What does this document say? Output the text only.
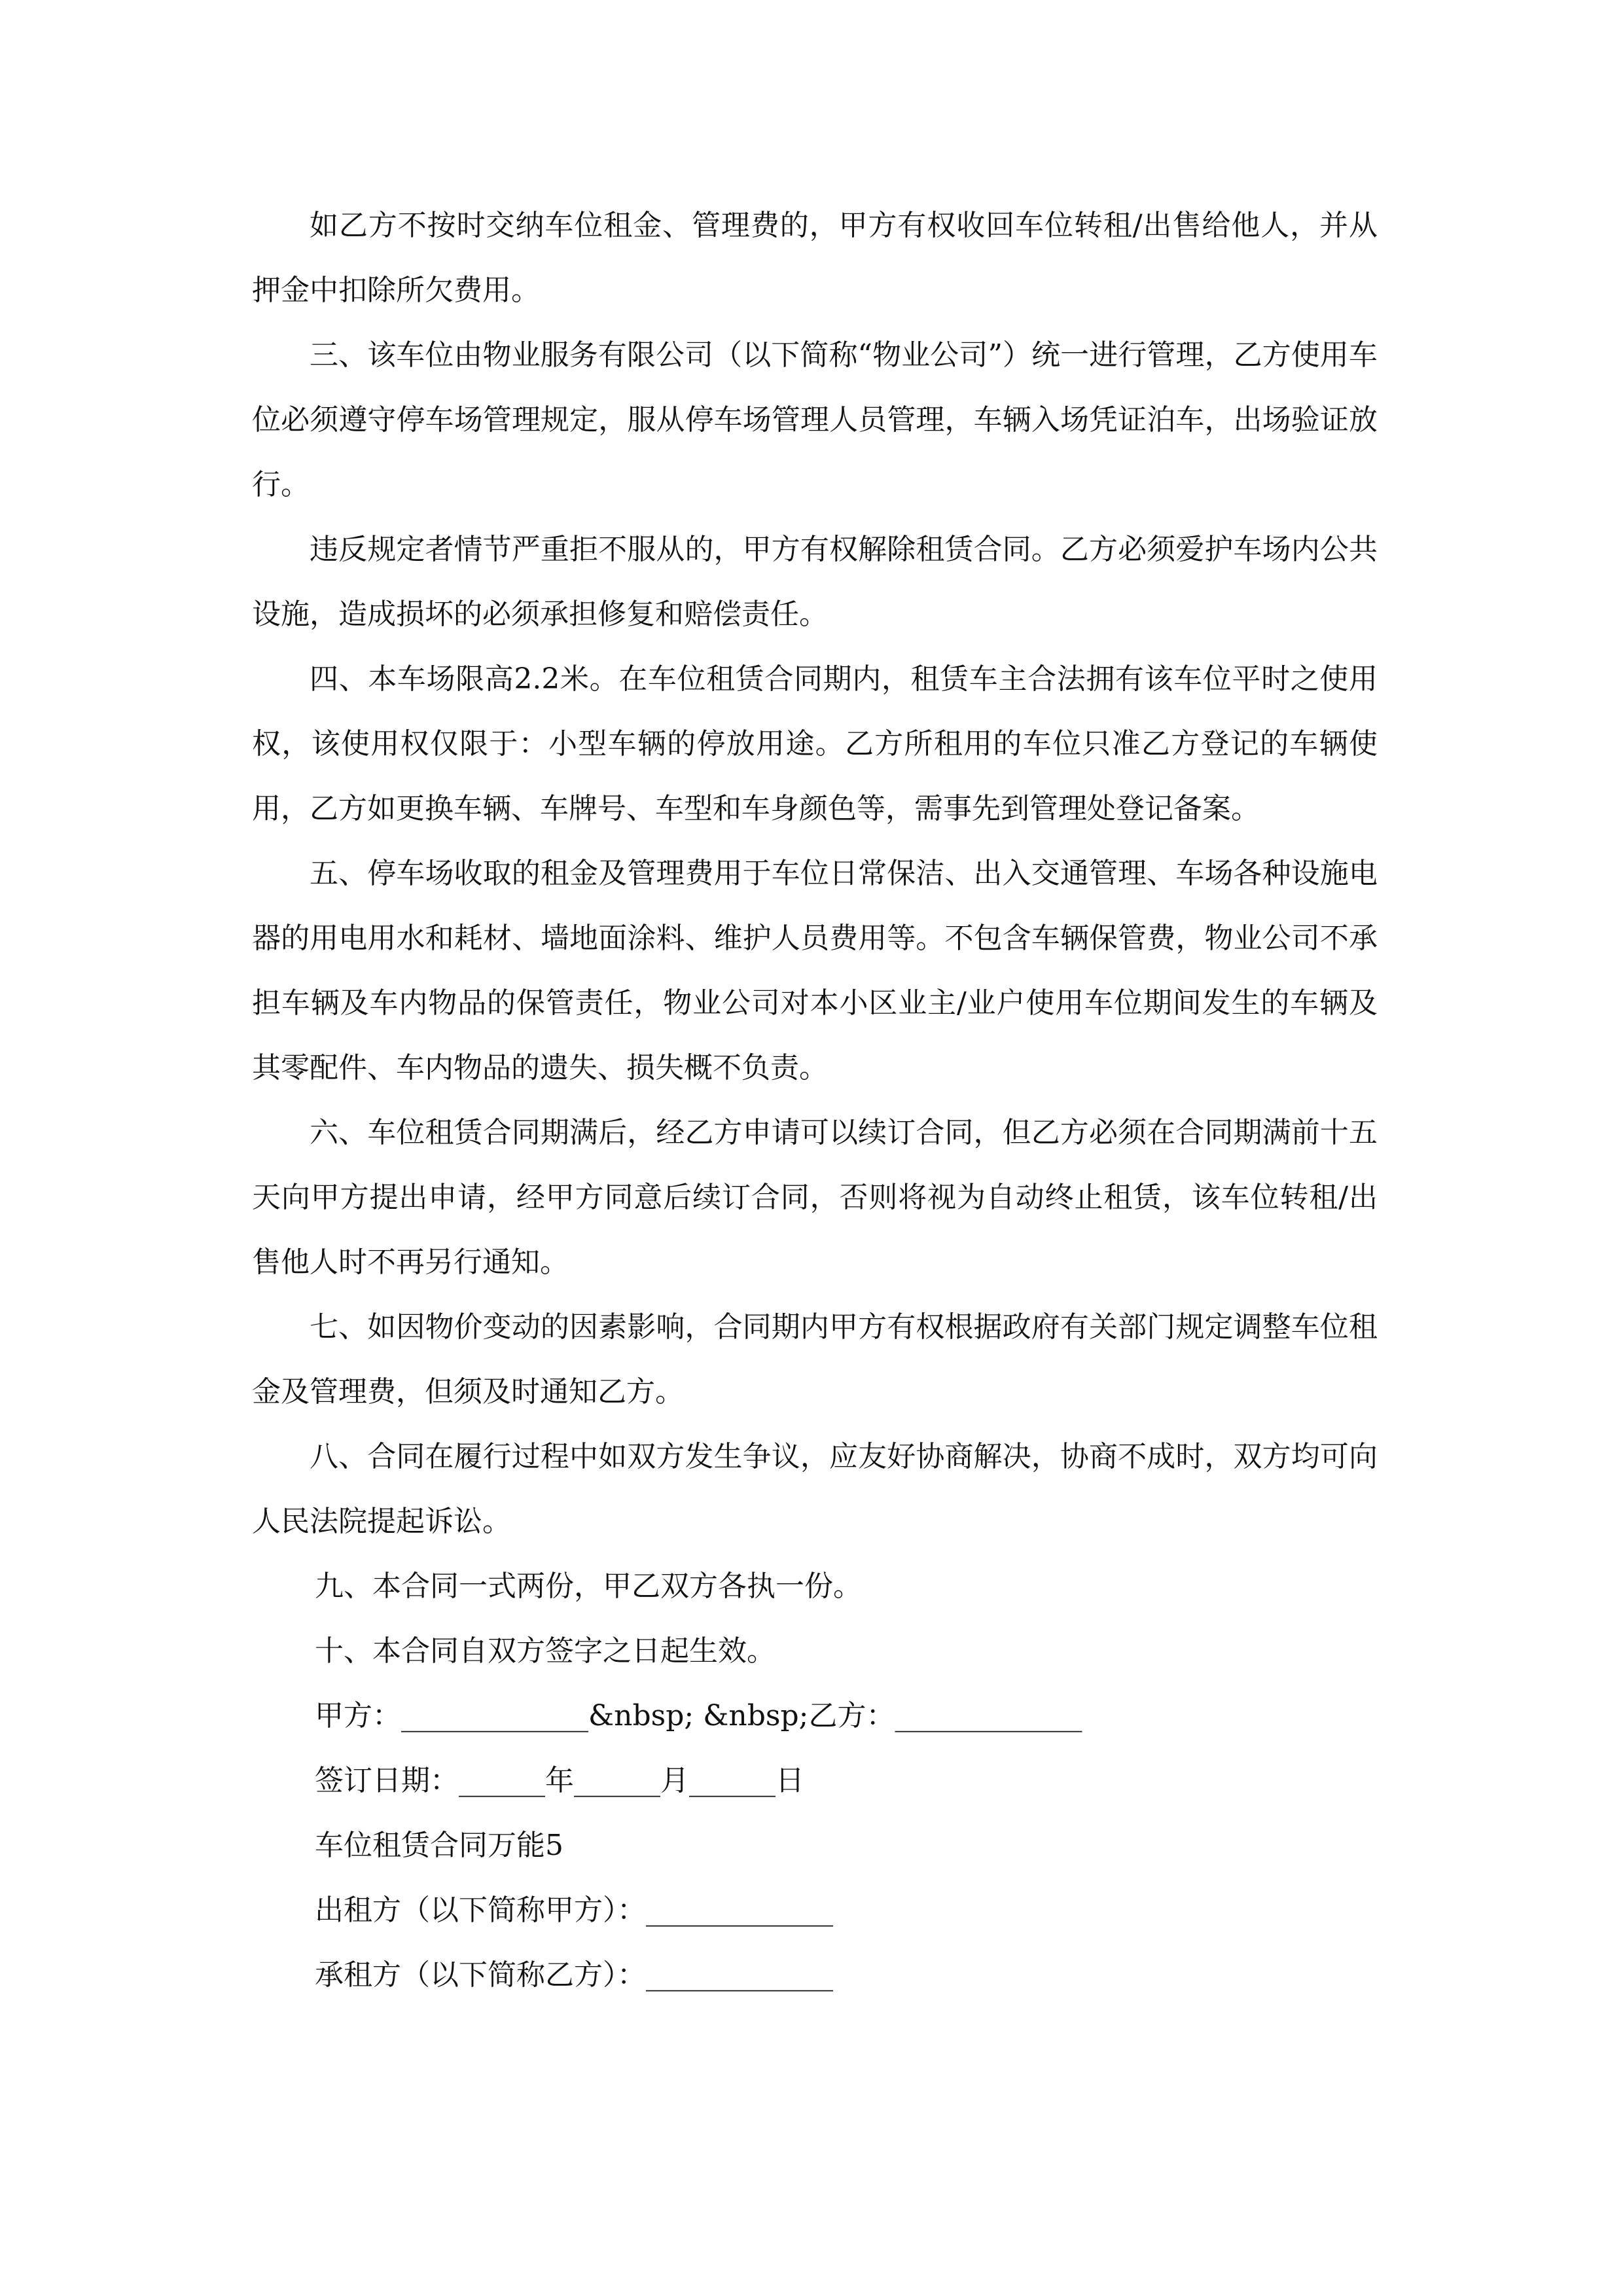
如乙方不按时交纳车位租金、管理费的，甲方有权收回车位转租/出售给他人，并从押金中扣除所欠费用。

三、该车位由物业服务有限公司（以下简称“物业公司”）统一进行管理，乙方使用车位必须遵守停车场管理规定，服从停车场管理人员管理，车辆入场凭证泊车，出场验证放行。

违反规定者情节严重拒不服从的，甲方有权解除租赁合同。乙方必须爱护车场内公共设施，造成损坏的必须承担修复和赔偿责任。

四、本车场限高2.2米。在车位租赁合同期内，租赁车主合法拥有该车位平时之使用权，该使用权仅限于：小型车辆的停放用途。乙方所租用的车位只准乙方登记的车辆使用，乙方如更换车辆、车牌号、车型和车身颜色等，需事先到管理处登记备案。

五、停车场收取的租金及管理费用于车位日常保洁、出入交通管理、车场各种设施电器的用电用水和耗材、墙地面涂料、维护人员费用等。不包含车辆保管费，物业公司不承担车辆及车内物品的保管责任，物业公司对本小区业主/业户使用车位期间发生的车辆及其零配件、车内物品的遗失、损失概不负责。

六、车位租赁合同期满后，经乙方申请可以续订合同，但乙方必须在合同期满前十五天向甲方提出申请，经甲方同意后续订合同，否则将视为自动终止租赁，该车位转租/出售他人时不再另行通知。

七、如因物价变动的因素影响，合同期内甲方有权根据政府有关部门规定调整车位租金及管理费，但须及时通知乙方。

八、合同在履行过程中如双方发生争议，应友好协商解决，协商不成时，双方均可向人民法院提起诉讼。

九、本合同一式两份，甲乙双方各执一份。
十、本合同自双方签字之日起生效。
甲方：_____________&nbsp; &nbsp;乙方：_____________
签订日期：______年______月______日
车位租赁合同万能5
出租方（以下简称甲方）：_____________
承租方（以下简称乙方）：_____________
